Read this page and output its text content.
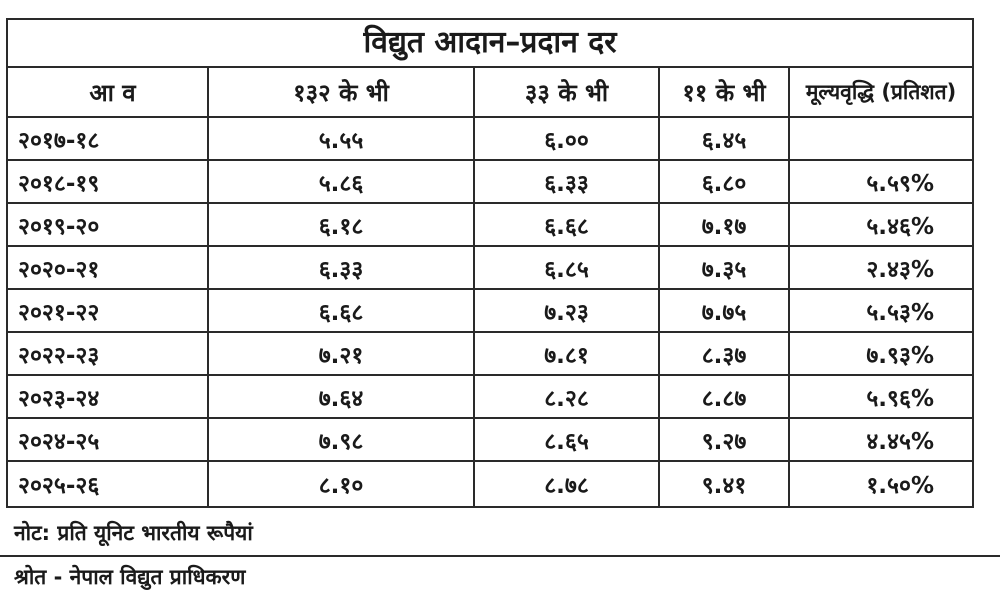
विद्युत आदान–प्रदान दर
आ व	१३२ के भी	३३ के भी	११ के भी	मूल्यवृद्धि (प्रतिशत)
२०१७-१८	५.५५	६.००	६.४५
२०१८-१९	५.८६	६.३३	६.८०	५.५९%
२०१९-२०	६.१८	६.६८	७.१७	५.४६%
२०२०-२१	६.३३	६.८५	७.३५	२.४३%
२०२१-२२	६.६८	७.२३	७.७५	५.५३%
२०२२-२३	७.२१	७.८१	८.३७	७.९३%
२०२३-२४	७.६४	८.२८	८.८७	५.९६%
२०२४-२५	७.९८	८.६५	९.२७	४.४५%
२०२५-२६	८.१०	८.७८	९.४१	१.५०%
नोट: प्रति यूनिट भारतीय रूपैयां
श्रोत - नेपाल विद्युत प्राधिकरण
